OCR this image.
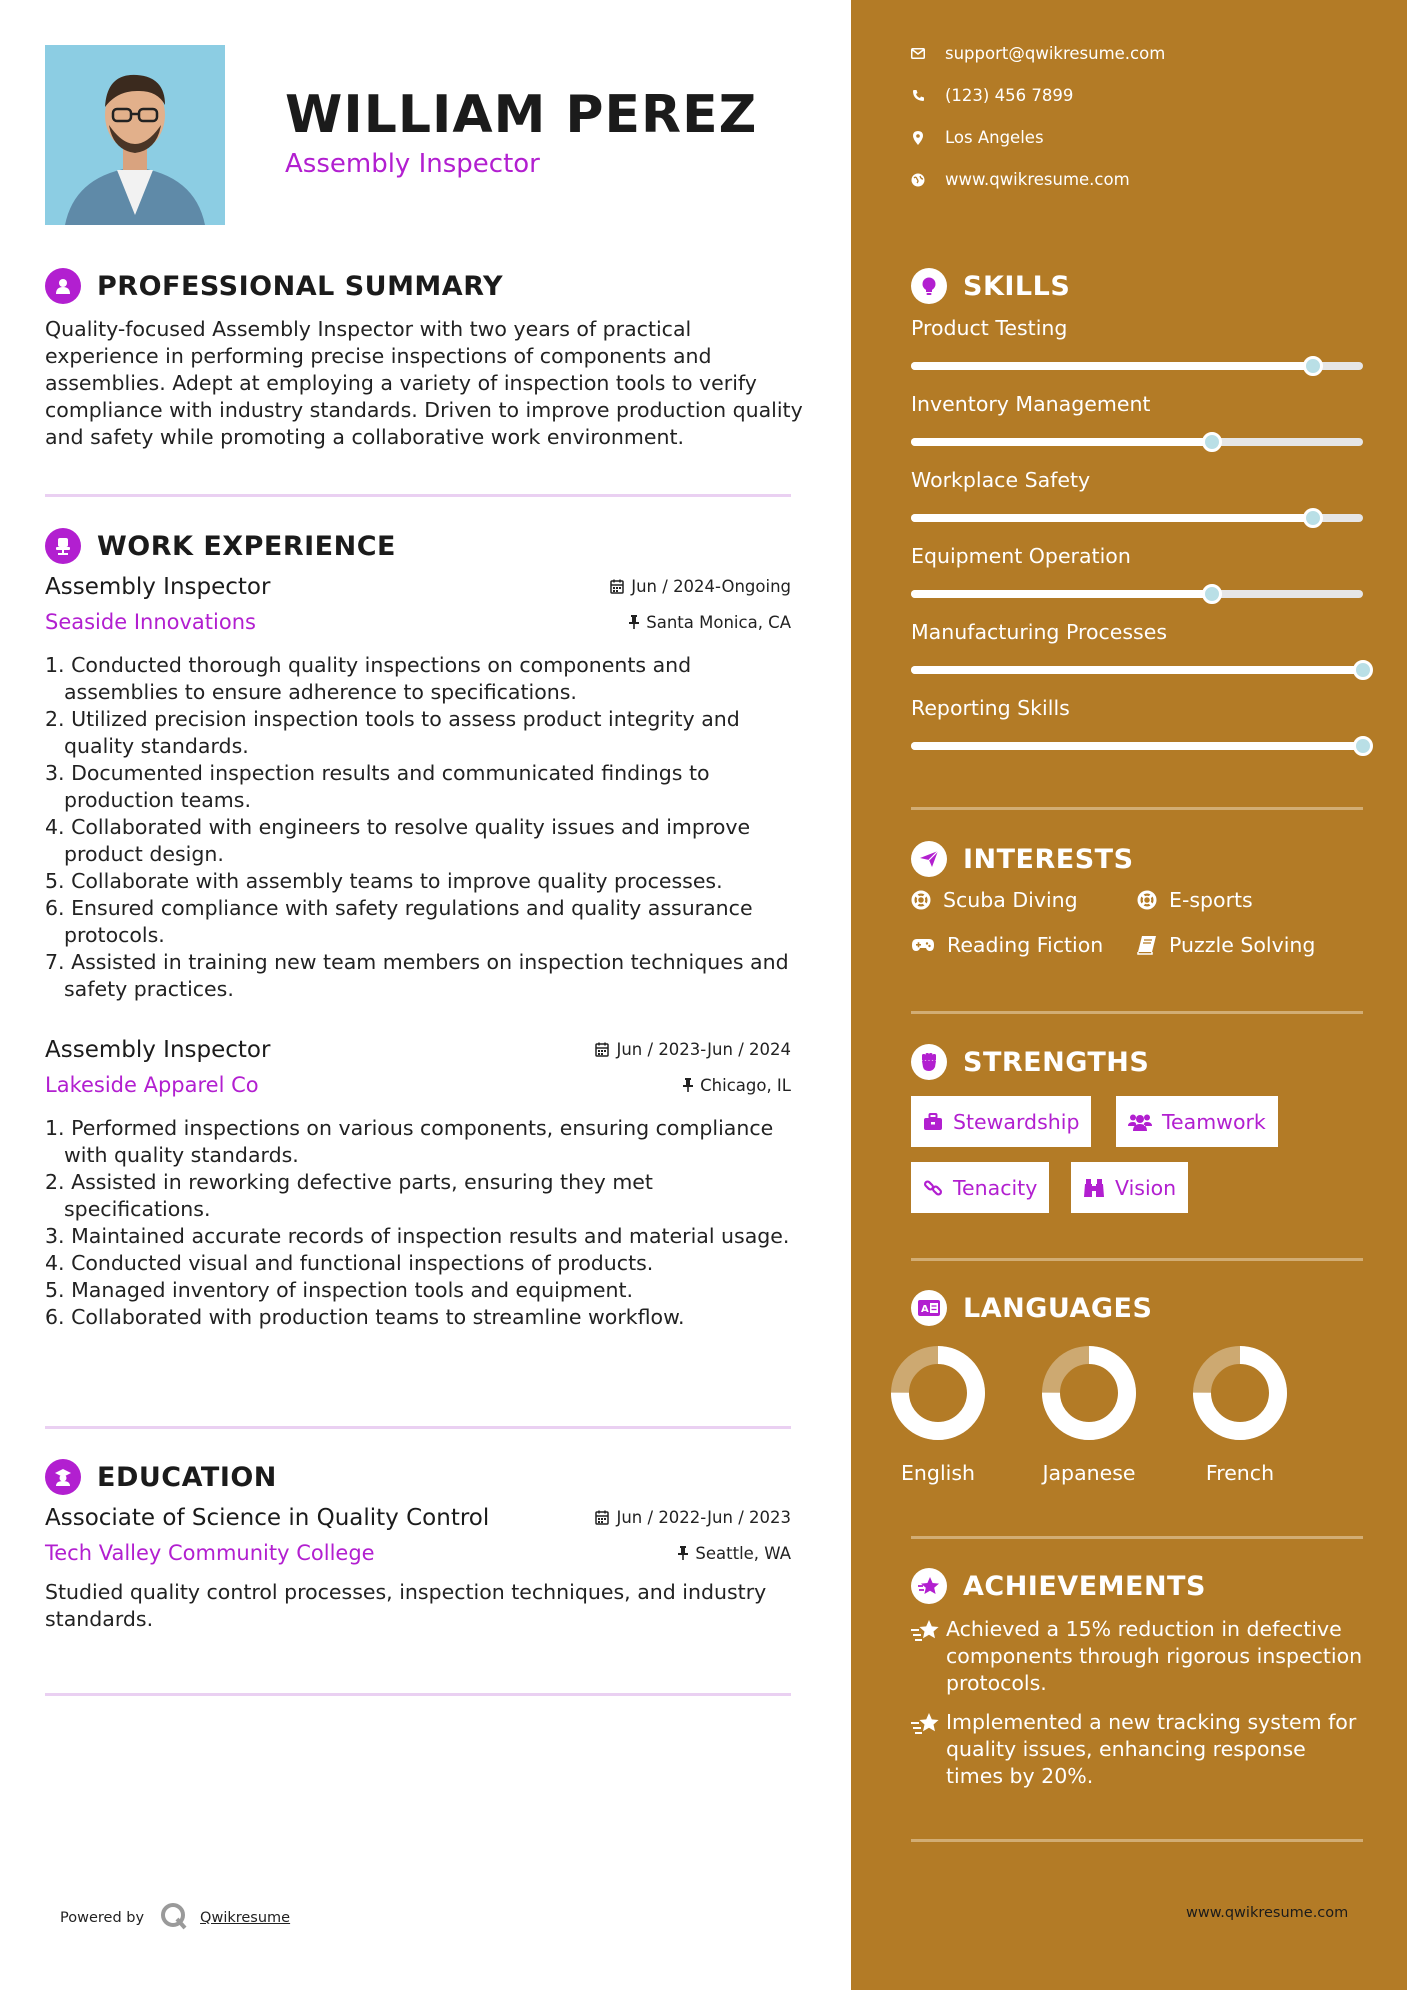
WILLIAM PEREZ
Assembly Inspector
PROFESSIONAL SUMMARY
Quality-focused Assembly Inspector with two years of practical experience in performing precise inspections of components and assemblies. Adept at employing a variety of inspection tools to verify compliance with industry standards. Driven to improve production quality and safety while promoting a collaborative work environment.
WORK EXPERIENCE
Assembly Inspector	Jun / 2024-Ongoing
Seaside Innovations	Santa Monica, CA
1. Conducted thorough quality inspections on components and assemblies to ensure adherence to specifications.
2. Utilized precision inspection tools to assess product integrity and quality standards.
3. Documented inspection results and communicated findings to production teams.
4. Collaborated with engineers to resolve quality issues and improve product design.
5. Collaborate with assembly teams to improve quality processes.
6. Ensured compliance with safety regulations and quality assurance protocols.
7. Assisted in training new team members on inspection techniques and safety practices.
Assembly Inspector	Jun / 2023-Jun / 2024
Lakeside Apparel Co	Chicago, IL
1. Performed inspections on various components, ensuring compliance with quality standards.
2. Assisted in reworking defective parts, ensuring they met specifications.
3. Maintained accurate records of inspection results and material usage.
4. Conducted visual and functional inspections of products.
5. Managed inventory of inspection tools and equipment.
6. Collaborated with production teams to streamline workflow.
EDUCATION
Associate of Science in Quality Control	Jun / 2022-Jun / 2023
Tech Valley Community College	Seattle, WA
Studied quality control processes, inspection techniques, and industry standards.
Powered by	Qwikresume
support@qwikresume.com
(123) 456 7899
Los Angeles
www.qwikresume.com
SKILLS
Product Testing
Inventory Management
Workplace Safety
Equipment Operation
Manufacturing Processes
Reporting Skills
INTERESTS
Scuba Diving	E-sports
Reading Fiction	Puzzle Solving
STRENGTHS
Stewardship	Teamwork
Tenacity	Vision
A LANGUAGES
English	Japanese	French
ACHIEVEMENTS
Achieved a 15% reduction in defective components through rigorous inspection protocols.
Implemented a new tracking system for quality issues, enhancing response times by 20%.
www.qwikresume.com
